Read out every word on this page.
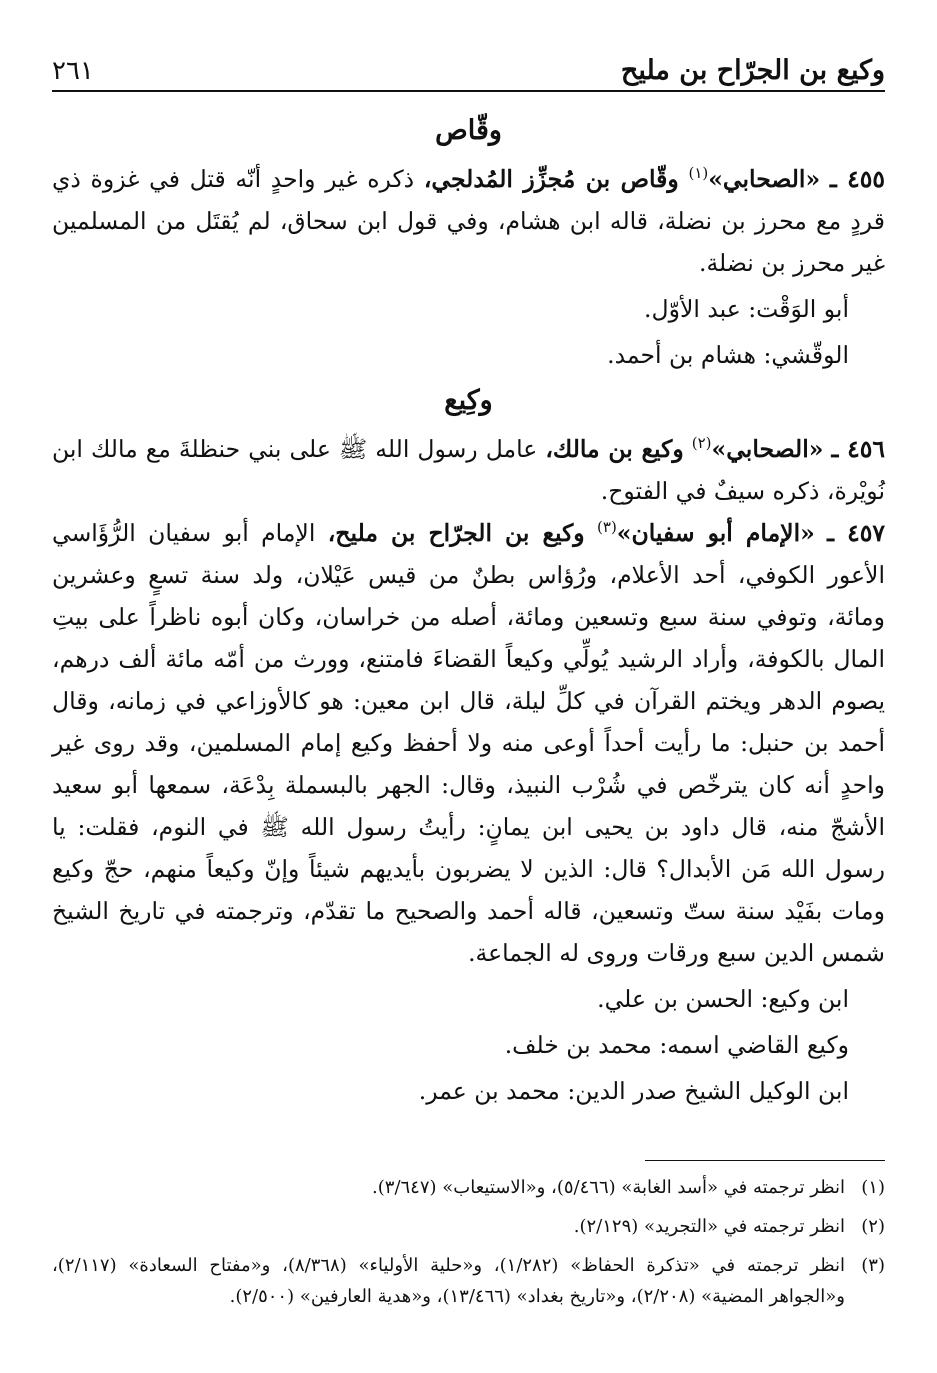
وكيع بن الجرّاح بن مليح
٢٦١
وقّاص

٤٥٥ ـ «الصحابي»$^{(١)}$ وقّاص بن مُجزِّز المُدلجي، ذكره غير واحدٍ أنّه قتل في غزوة ذي قردٍ مع محرز بن نضلة، قاله ابن هشام، وفي قول ابن سحاق، لم يُقتَل من المسلمين غير محرز بن نضلة.

أبو الوَقْت: عبد الأوّل.
الوقّشي: هشام بن أحمد.
وكِيع

٤٥٦ ـ «الصحابي»$^{(٢)}$ وكيع بن مالك، عامل رسول الله ﷺ على بني حنظلةَ مع مالك ابن نُويْرة، ذكره سيفٌ في الفتوح.

٤٥٧ ـ «الإمام أبو سفيان»$^{(٣)}$ وكيع بن الجرّاح بن مليح، الإمام أبو سفيان الرُّؤَاسي الأعور الكوفي، أحد الأعلام، ورُؤاس بطنٌ من قيس عَيْلان، ولد سنة تسعٍ وعشرين ومائة، وتوفي سنة سبع وتسعين ومائة، أصله من خراسان، وكان أبوه ناظراً على بيتِ المال بالكوفة، وأراد الرشيد يُولِّي وكيعاً القضاءَ فامتنع، وورث من أمّه مائة ألف درهم، يصوم الدهر ويختم القرآن في كلِّ ليلة، قال ابن معين: هو كالأوزاعي في زمانه، وقال أحمد بن حنبل: ما رأيت أحداً أوعى منه ولا أحفظ وكيع إمام المسلمين، وقد روى غير واحدٍ أنه كان يترخّص في شُرْب النبيذ، وقال: الجهر بالبسملة بِدْعَة، سمعها أبو سعيد الأشجّ منه، قال داود بن يحيى ابن يمانٍ: رأيتُ رسول الله ﷺ في النوم، فقلت: يا رسول الله مَن الأبدال؟ قال: الذين لا يضربون بأيديهم شيئاً وإنّ وكيعاً منهم، حجّ وكيع ومات بفَيْد سنة ستّ وتسعين، قاله أحمد والصحيح ما تقدّم، وترجمته في تاريخ الشيخ شمس الدين سبع ورقات وروى له الجماعة.

ابن وكيع: الحسن بن علي.
وكيع القاضي اسمه: محمد بن خلف.
ابن الوكيل الشيخ صدر الدين: محمد بن عمر.
(١)
انظر ترجمته في «أسد الغابة» (٥/٤٦٦)، و«الاستيعاب» (٣/٦٤٧).
(٢)
انظر ترجمته في «التجريد» (٢/١٢٩).
(٣)
انظر ترجمته في «تذكرة الحفاظ» (١/٢٨٢)، و«حلية الأولياء» (٨/٣٦٨)، و«مفتاح السعادة» (٢/١١٧)، و«الجواهر المضية» (٢/٢٠٨)، و«تاريخ بغداد» (١٣/٤٦٦)، و«هدية العارفين» (٢/٥٠٠).
